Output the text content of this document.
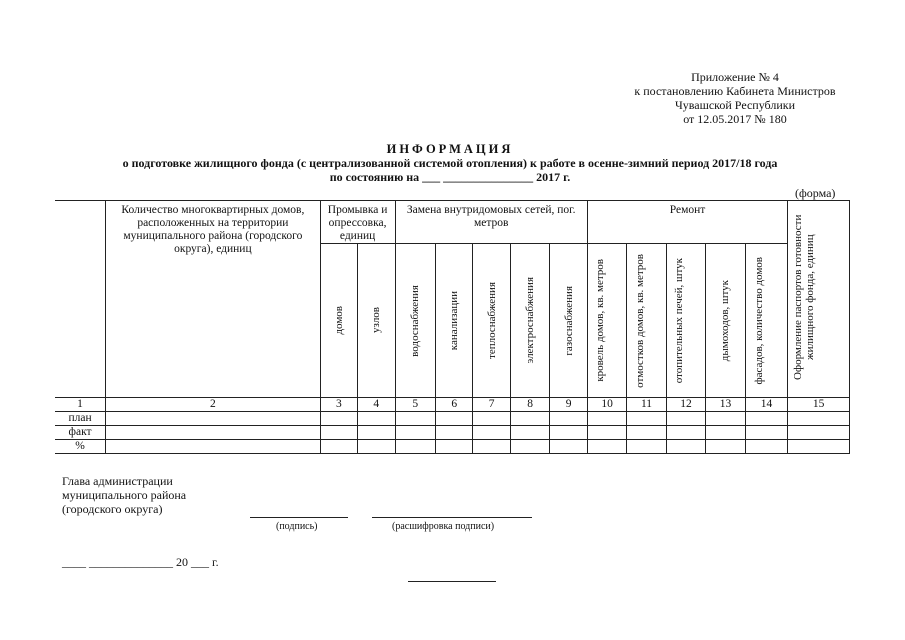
Приложение № 4
к постановлению Кабинета Министров
Чувашской Республики
от 12.05.2017 № 180
ИНФОРМАЦИЯ
о подготовке жилищного фонда (с централизованной системой отопления) к работе в осенне-зимний период 2017/18 года
по состоянию на ___ _______________ 2017 г.
(форма)
	Количество многоквартирных домов, расположенных на территории муниципального района (городского округа), единиц	Промывка и опрессовка, единиц		Замена внутридомовых сетей, пог. метров					Ремонт					Оформление паспортов готовности жилищного фонда, единиц

		домов	узлов	водоснабжения	канализации	теплоснабжения	электроснабжения	газоснабжения	кровель домов, кв. метров	отмостков домов, кв. метров	отопительных печей, штук	дымоходов, штук	фасадов, количество домов	

1	2	3	4	5	6	7	8	9	10	11	12	13	14	15
план														
факт														
%														
Глава администрации
муниципального района
(городского округа)
(подпись)	(расшифровка подписи)
____ ______________ 20 ___ г.
